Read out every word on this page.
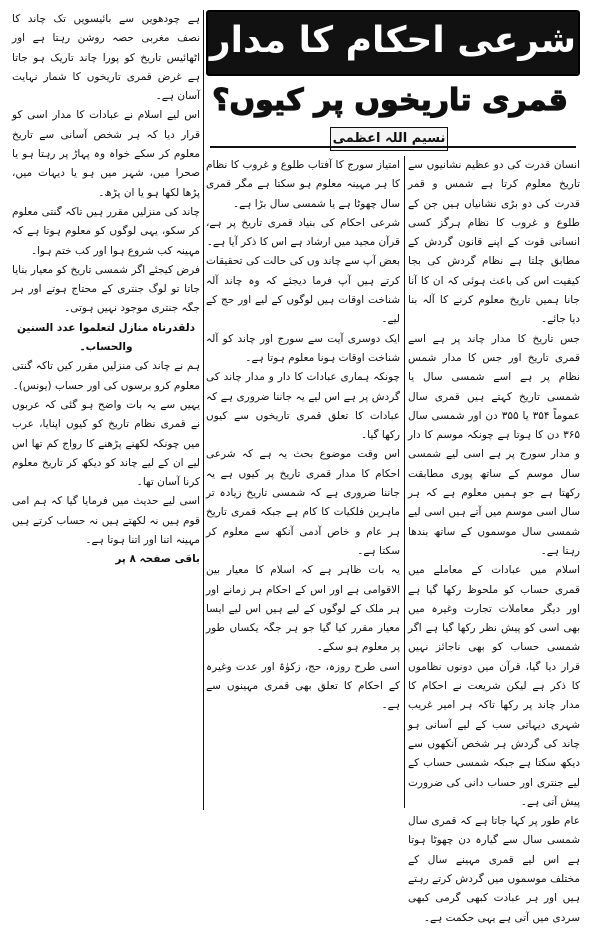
شرعی احکام کا مدار
قمری تاریخوں پر کیوں؟
نسیم اللہ اعظمی

انسان قدرت کی دو عظیم نشانیوں سے تاریخ معلوم کرتا ہے شمس و قمر قدرت کی دو بڑی نشانیاں ہیں جن کے طلوع و غروب کا نظام ہرگز کسی انسانی قوت کے اپنے قانون گردش کے مطابق چلتا ہے نظام گردش کی بجا کیفیت اس کی باعث ہوئی کہ ان کا آنا جانا ہمیں تاریخ معلوم کرنے کا آلہ بنا دیا جائے۔

جس تاریخ کا مدار چاند پر ہے اسے قمری تاریخ اور جس کا مدار شمس نظام پر ہے اسے شمسی سال یا شمسی تاریخ کہتے ہیں قمری سال عموماً ۳۵۴ یا ۳۵۵ دن اور شمسی سال ۳۶۵ دن کا ہوتا ہے چونکہ موسم کا دار و مدار سورج پر ہے اسی لیے شمسی سال موسم کے ساتھ پوری مطابقت رکھتا ہے جو ہمیں معلوم ہے کہ ہر سال اسی موسم میں آتے ہیں اسی لیے شمسی سال موسموں کے ساتھ بندھا رہتا ہے۔

اسلام میں عبادات کے معاملے میں قمری حساب کو ملحوظ رکھا گیا ہے اور دیگر معاملات تجارت وغیرہ میں بھی اسی کو پیش نظر رکھا گیا ہے اگر شمسی حساب کو بھی ناجائز نہیں قرار دیا گیا، قرآن میں دونوں نظاموں کا ذکر ہے لیکن شریعت نے احکام کا مدار چاند پر رکھا تاکہ ہر امیر غریب شہری دیہاتی سب کے لیے آسانی ہو چاند کی گردش ہر شخص آنکھوں سے دیکھ سکتا ہے جبکہ شمسی حساب کے لیے جنتری اور حساب دانی کی ضرورت پیش آتی ہے۔

عام طور پر کہا جاتا ہے کہ قمری سال شمسی سال سے گیارہ دن چھوٹا ہوتا ہے اس لیے قمری مہینے سال کے مختلف موسموں میں گردش کرتے رہتے ہیں اور ہر عبادت کبھی گرمی کبھی سردی میں آتی ہے یہی حکمت ہے۔

امتیاز سورج کا آفتاب طلوع و غروب کا نظام کا ہر مہینہ معلوم ہو سکتا ہے مگر قمری سال چھوٹا ہے یا شمسی سال بڑا ہے۔

شرعی احکام کی بنیاد قمری تاریخ پر ہے، قرآن مجید میں ارشاد ہے اس کا ذکر آیا ہے۔

بعض آپ سے چاند وں کی حالت کی تحقیقات کرتے ہیں آپ فرما دیجئے کہ وہ چاند آلہ شناخت اوقات ہیں لوگوں کے لیے اور حج کے لیے۔

ایک دوسری آیت سے سورج اور چاند کو آلہ شناخت اوقات ہونا معلوم ہوتا ہے۔

چونکہ ہماری عبادات کا دار و مدار چاند کی گردش پر ہے اس لیے یہ جاننا ضروری ہے کہ عبادات کا تعلق قمری تاریخوں سے کیوں رکھا گیا۔

اس وقت موضوع بحث یہ ہے کہ شرعی احکام کا مدار قمری تاریخ پر کیوں ہے یہ جاننا ضروری ہے کہ شمسی تاریخ زیادہ تر ماہرین فلکیات کا کام ہے جبکہ قمری تاریخ ہر عام و خاص آدمی آنکھ سے معلوم کر سکتا ہے۔

یہ بات ظاہر ہے کہ اسلام کا معیار بین الاقوامی ہے اور اس کے احکام ہر زمانے اور ہر ملک کے لوگوں کے لیے ہیں اس لیے ایسا معیار مقرر کیا گیا جو ہر جگہ یکساں طور پر معلوم ہو سکے۔

اسی طرح روزہ، حج، زکوٰۃ اور عدت وغیرہ کے احکام کا تعلق بھی قمری مہینوں سے ہے۔

ہے چودھویں سے بائیسویں تک چاند کا نصف مغربی حصہ روشن رہتا ہے اور اٹھائیس تاریخ کو پورا چاند تاریک ہو جاتا ہے غرض قمری تاریخوں کا شمار نہایت آسان ہے۔

اس لیے اسلام نے عبادات کا مدار اسی کو قرار دیا کہ ہر شخص آسانی سے تاریخ معلوم کر سکے خواہ وہ پہاڑ پر رہتا ہو یا صحرا میں، شہر میں ہو یا دیہات میں، پڑھا لکھا ہو یا ان پڑھ۔

چاند کی منزلیں مقرر ہیں تاکہ گنتی معلوم کر سکو، یہی لوگوں کو معلوم ہوتا ہے کہ مہینہ کب شروع ہوا اور کب ختم ہوا۔

فرض کیجئے اگر شمسی تاریخ کو معیار بنایا جاتا تو لوگ جنتری کے محتاج ہوتے اور ہر جگہ جنتری موجود نہیں ہوتی۔

دلقدرناہ منازل لتعلموا عدد السنین والحساب۔

ہم نے چاند کی منزلیں مقرر کیں تاکہ گنتی معلوم کرو برسوں کی اور حساب (یونس)۔

یہیں سے یہ بات واضح ہو گئی کہ عربوں نے قمری نظام تاریخ کو کیوں اپنایا، عرب میں چونکہ لکھنے پڑھنے کا رواج کم تھا اس لیے ان کے لیے چاند کو دیکھ کر تاریخ معلوم کرنا آسان تھا۔

اسی لیے حدیث میں فرمایا گیا کہ ہم امی قوم ہیں نہ لکھتے ہیں نہ حساب کرتے ہیں مہینہ اتنا اور اتنا ہوتا ہے۔

باقی صفحہ ۸ پر
